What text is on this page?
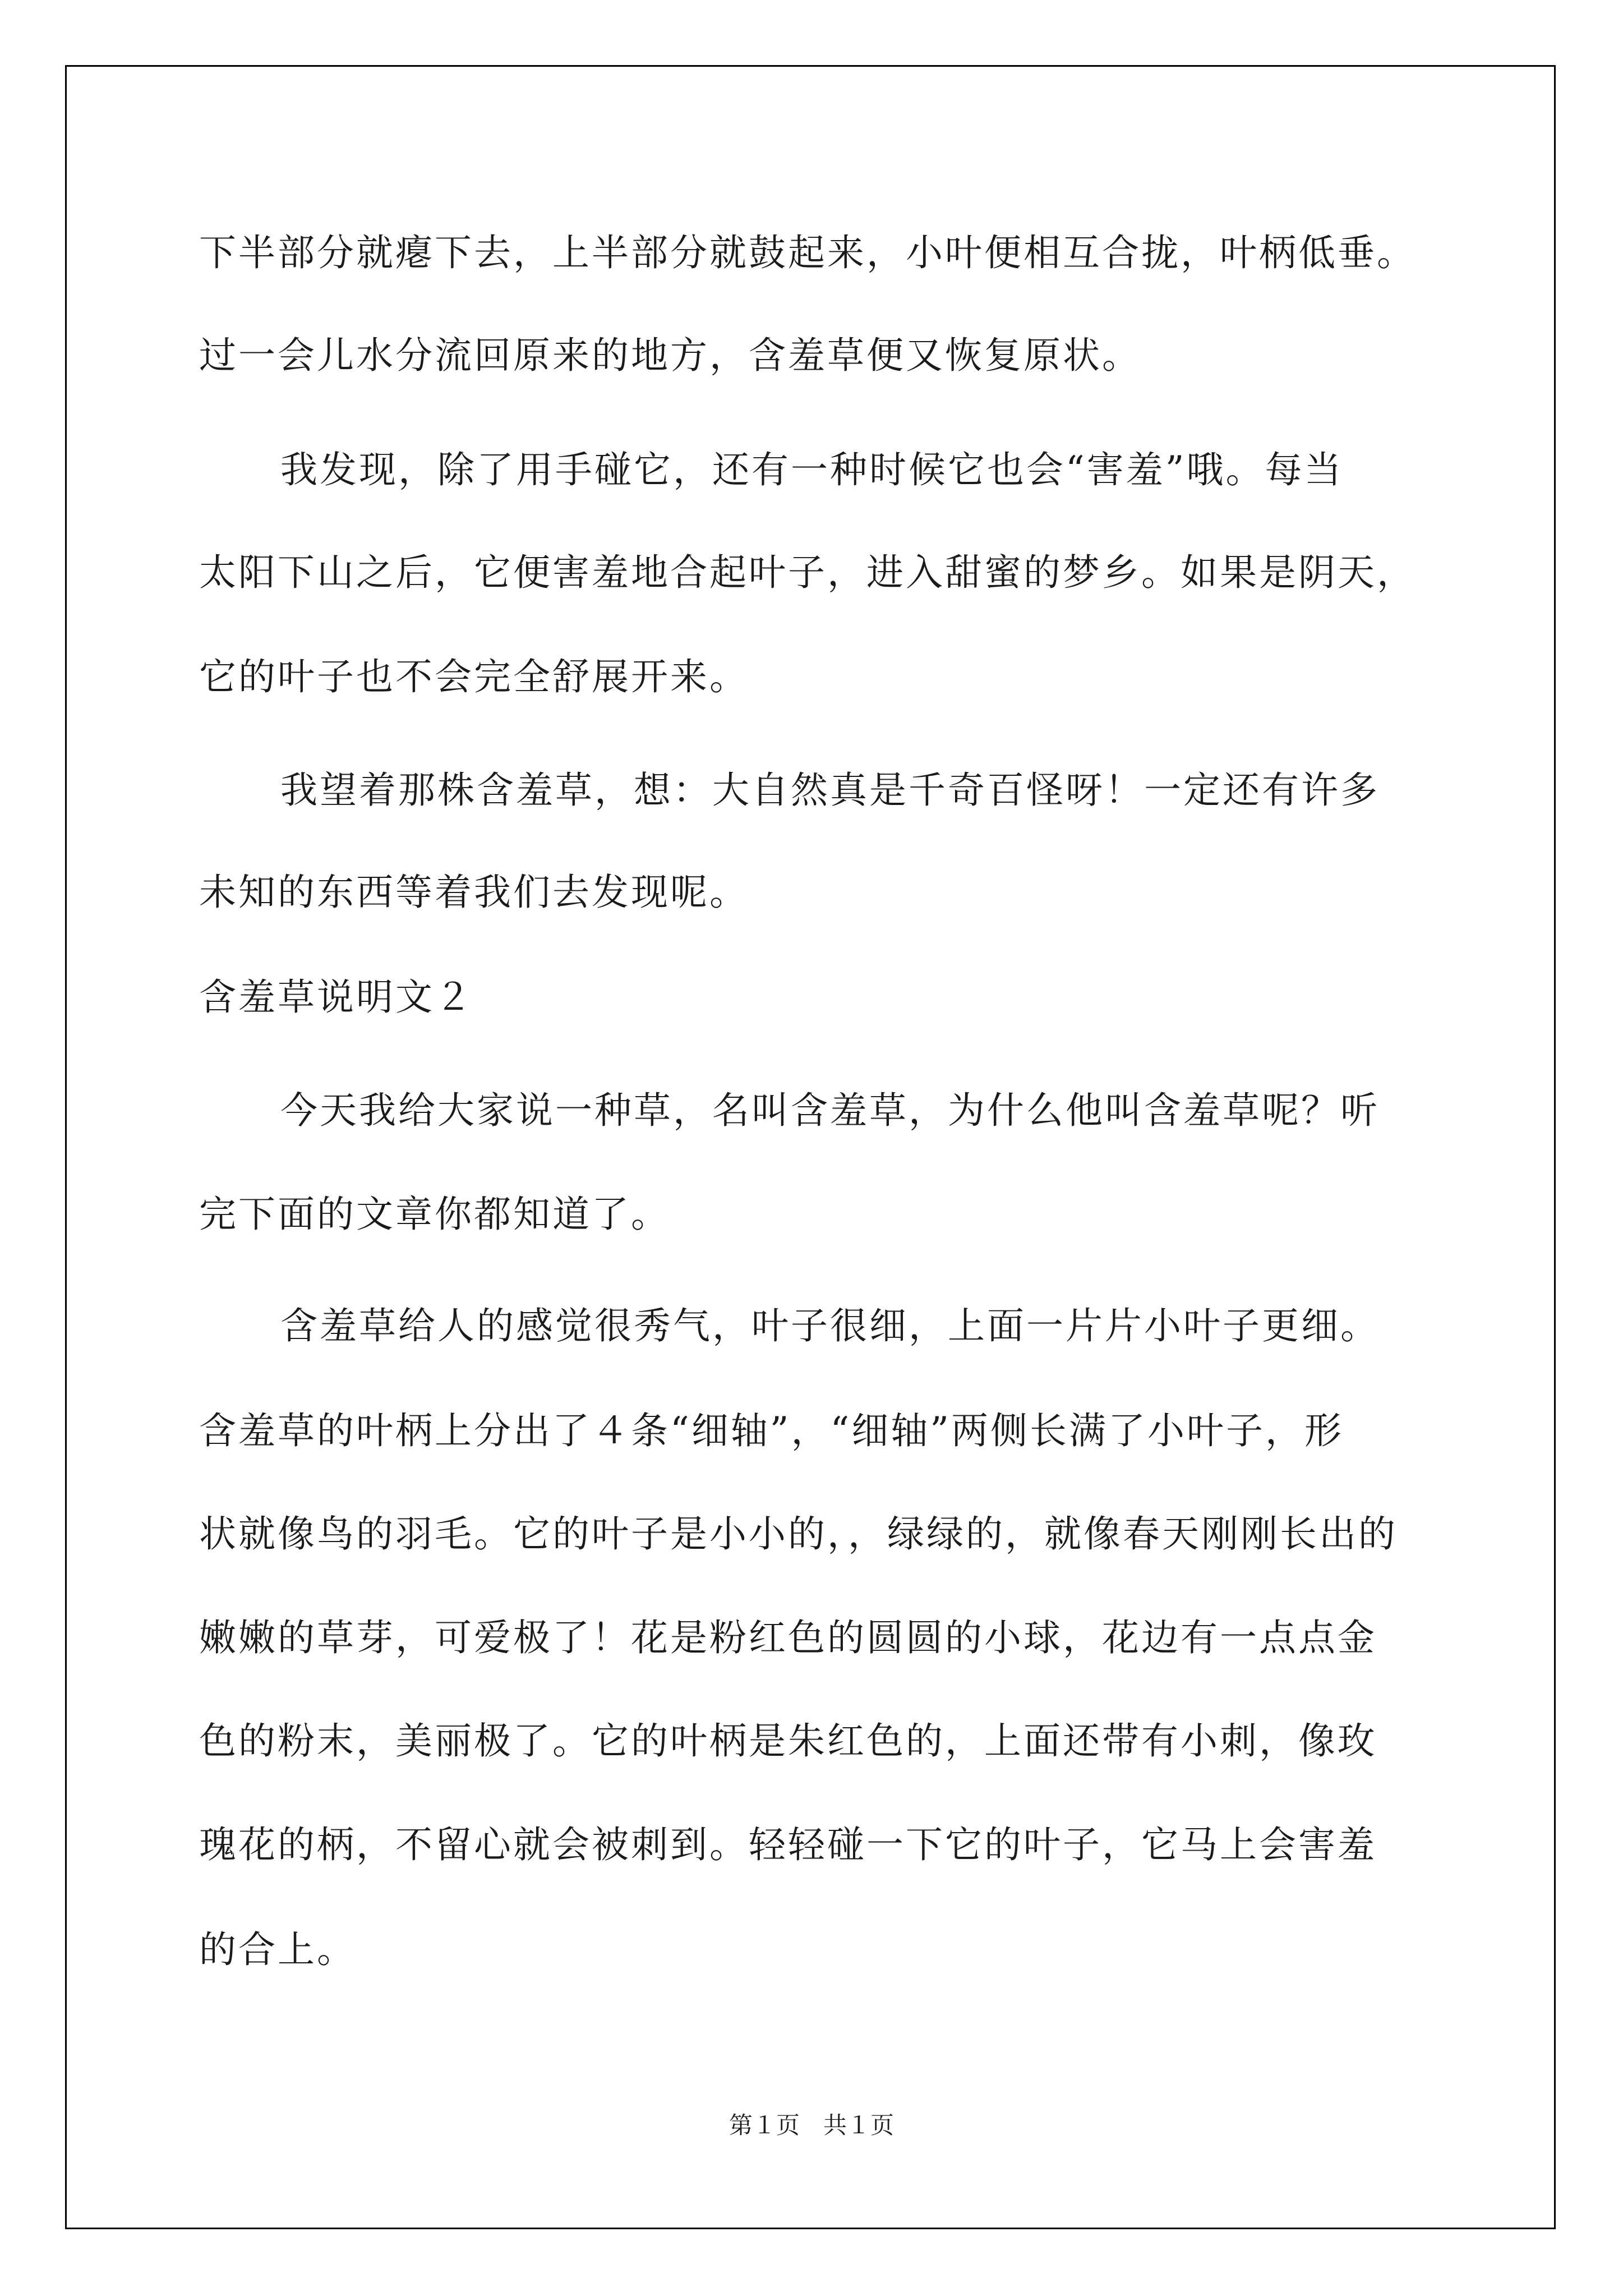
下半部分就瘪下去，上半部分就鼓起来，小叶便相互合拢，叶柄低垂。
过一会儿水分流回原来的地方，含羞草便又恢复原状。
我发现，除了用手碰它，还有一种时候它也会“害羞”哦。每当
太阳下山之后，它便害羞地合起叶子，进入甜蜜的梦乡。如果是阴天，
它的叶子也不会完全舒展开来。
我望着那株含羞草，想：大自然真是千奇百怪呀！一定还有许多
未知的东西等着我们去发现呢。
含羞草说明文２
今天我给大家说一种草，名叫含羞草，为什么他叫含羞草呢？听
完下面的文章你都知道了。
含羞草给人的感觉很秀气，叶子很细，上面一片片小叶子更细。
含羞草的叶柄上分出了４条“细轴”，“细轴”两侧长满了小叶子，形
状就像鸟的羽毛。它的叶子是小小的，，绿绿的，就像春天刚刚长出的
嫩嫩的草芽，可爱极了！花是粉红色的圆圆的小球，花边有一点点金
色的粉末，美丽极了。它的叶柄是朱红色的，上面还带有小刺，像玫
瑰花的柄，不留心就会被刺到。轻轻碰一下它的叶子，它马上会害羞
的合上。
第１页　共１页
